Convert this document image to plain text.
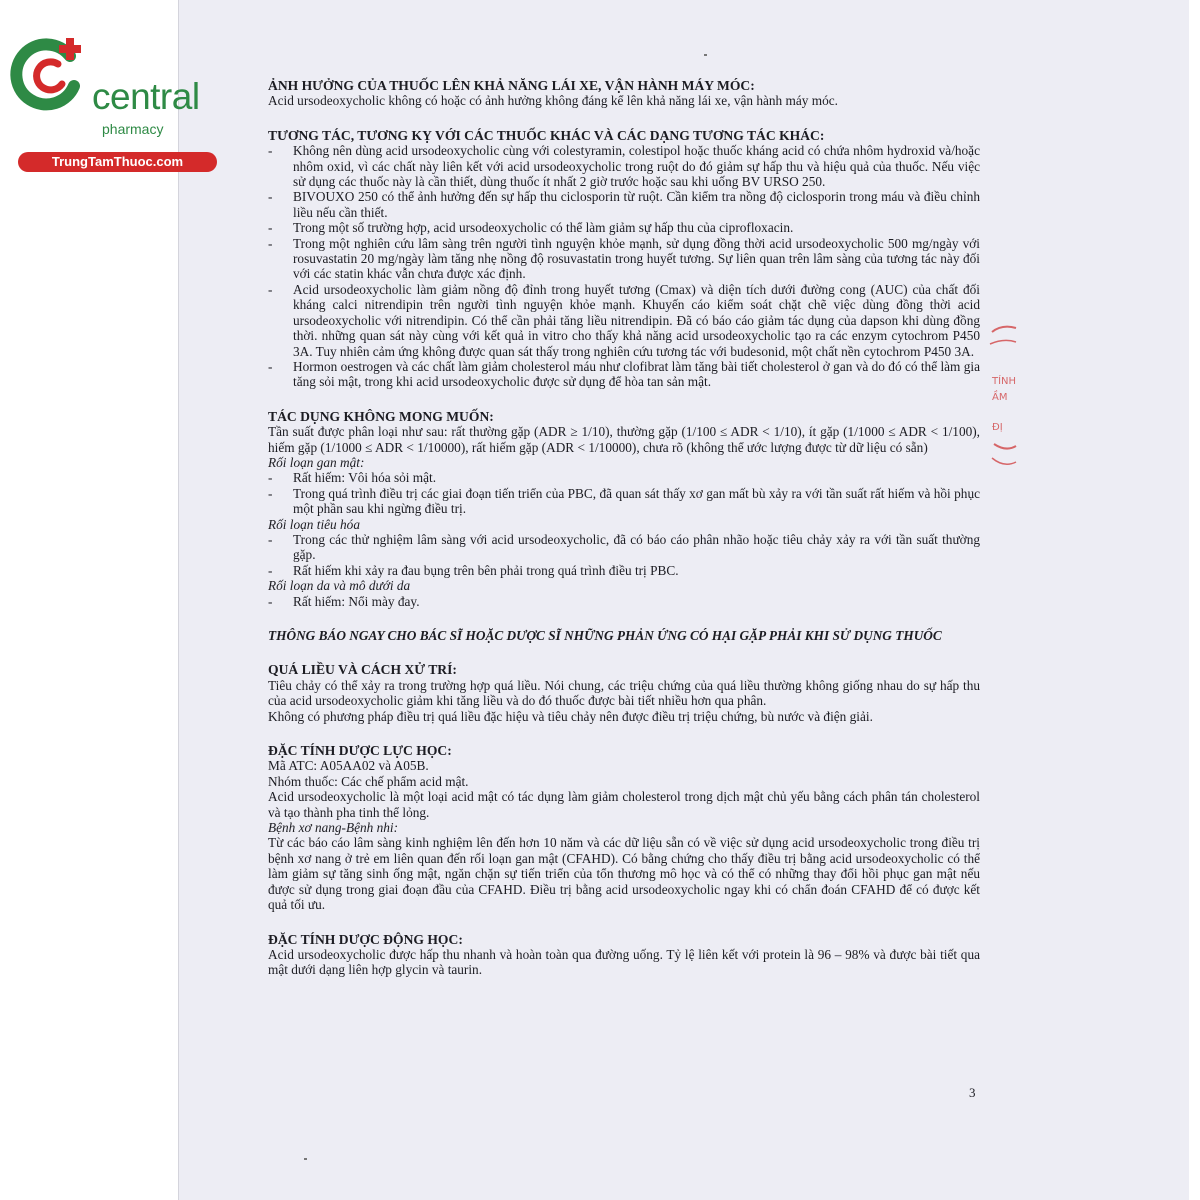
central
pharmacy
TrungTamThuoc.com
TÍNH
ẦM
ĐỊ
ẢNH HƯỞNG CỦA THUỐC LÊN KHẢ NĂNG LÁI XE, VẬN HÀNH MÁY MÓC:
Acid ursodeoxycholic không có hoặc có ảnh hưởng không đáng kể lên khả năng lái xe, vận hành máy móc.
TƯƠNG TÁC, TƯƠNG KỴ VỚI CÁC THUỐC KHÁC VÀ CÁC DẠNG TƯƠNG TÁC KHÁC:
- Không nên dùng acid ursodeoxycholic cùng với colestyramin, colestipol hoặc thuốc kháng acid có chứa nhôm hydroxid và/hoặc nhôm oxid, vì các chất này liên kết với acid ursodeoxycholic trong ruột do đó giảm sự hấp thu và hiệu quả của thuốc. Nếu việc sử dụng các thuốc này là cần thiết, dùng thuốc ít nhất 2 giờ trước hoặc sau khi uống BV URSO 250.
- BIVOUXO 250 có thể ảnh hưởng đến sự hấp thu ciclosporin từ ruột. Cần kiểm tra nồng độ ciclosporin trong máu và điều chỉnh liều nếu cần thiết.
- Trong một số trường hợp, acid ursodeoxycholic có thể làm giảm sự hấp thu của ciprofloxacin.
- Trong một nghiên cứu lâm sàng trên người tình nguyện khỏe mạnh, sử dụng đồng thời acid ursodeoxycholic 500 mg/ngày với rosuvastatin 20 mg/ngày làm tăng nhẹ nồng độ rosuvastatin trong huyết tương. Sự liên quan trên lâm sàng của tương tác này đối với các statin khác vẫn chưa được xác định.
- Acid ursodeoxycholic làm giảm nồng độ đỉnh trong huyết tương (Cmax) và diện tích dưới đường cong (AUC) của chất đối kháng calci nitrendipin trên người tình nguyện khỏe mạnh. Khuyến cáo kiểm soát chặt chẽ việc dùng đồng thời acid ursodeoxycholic với nitrendipin. Có thể cần phải tăng liều nitrendipin. Đã có báo cáo giảm tác dụng của dapson khi dùng đồng thời. những quan sát này cùng với kết quả in vitro cho thấy khả năng acid ursodeoxycholic tạo ra các enzym cytochrom P450 3A. Tuy nhiên cảm ứng không được quan sát thấy trong nghiên cứu tương tác với budesonid, một chất nền cytochrom P450 3A.
- Hormon oestrogen và các chất làm giảm cholesterol máu như clofibrat làm tăng bài tiết cholesterol ở gan và do đó có thể làm gia tăng sỏi mật, trong khi acid ursodeoxycholic được sử dụng để hòa tan sản mật.
TÁC DỤNG KHÔNG MONG MUỐN:
Tần suất được phân loại như sau: rất thường gặp (ADR ≥ 1/10), thường gặp (1/100 ≤ ADR < 1/10), ít gặp (1/1000 ≤ ADR < 1/100), hiếm gặp (1/1000 ≤ ADR < 1/10000), rất hiếm gặp (ADR < 1/10000), chưa rõ (không thể ước lượng được từ dữ liệu có sẵn)
Rối loạn gan mật:
- Rất hiếm: Vôi hóa sỏi mật.
- Trong quá trình điều trị các giai đoạn tiến triển của PBC, đã quan sát thấy xơ gan mất bù xảy ra với tần suất rất hiếm và hồi phục một phần sau khi ngừng điều trị.
Rối loạn tiêu hóa
- Trong các thử nghiệm lâm sàng với acid ursodeoxycholic, đã có báo cáo phân nhão hoặc tiêu chảy xảy ra với tần suất thường gặp.
- Rất hiếm khi xảy ra đau bụng trên bên phải trong quá trình điều trị PBC.
Rối loạn da và mô dưới da
- Rất hiếm: Nổi mày đay.
THÔNG BÁO NGAY CHO BÁC SĨ HOẶC DƯỢC SĨ NHỮNG PHẢN ỨNG CÓ HẠI GẶP PHẢI KHI SỬ DỤNG THUỐC
QUÁ LIỀU VÀ CÁCH XỬ TRÍ:
Tiêu chảy có thể xảy ra trong trường hợp quá liều. Nói chung, các triệu chứng của quá liều thường không giống nhau do sự hấp thu của acid ursodeoxycholic giảm khi tăng liều và do đó thuốc được bài tiết nhiều hơn qua phân.
Không có phương pháp điều trị quá liều đặc hiệu và tiêu chảy nên được điều trị triệu chứng, bù nước và điện giải.
ĐẶC TÍNH DƯỢC LỰC HỌC:
Mã ATC: A05AA02 và A05B.
Nhóm thuốc: Các chế phẩm acid mật.
Acid ursodeoxycholic là một loại acid mật có tác dụng làm giảm cholesterol trong dịch mật chủ yếu bằng cách phân tán cholesterol và tạo thành pha tinh thể lỏng.
Bệnh xơ nang-Bệnh nhi:
Từ các báo cáo lâm sàng kinh nghiệm lên đến hơn 10 năm và các dữ liệu sẵn có về việc sử dụng acid ursodeoxycholic trong điều trị bệnh xơ nang ở trẻ em liên quan đến rối loạn gan mật (CFAHD). Có bằng chứng cho thấy điều trị bằng acid ursodeoxycholic có thể làm giảm sự tăng sinh ống mật, ngăn chặn sự tiến triển của tổn thương mô học và có thể có những thay đổi hồi phục gan mật nếu được sử dụng trong giai đoạn đầu của CFAHD. Điều trị bằng acid ursodeoxycholic ngay khi có chẩn đoán CFAHD để có được kết quả tối ưu.
ĐẶC TÍNH DƯỢC ĐỘNG HỌC:
Acid ursodeoxycholic được hấp thu nhanh và hoàn toàn qua đường uống. Tỷ lệ liên kết với protein là 96 – 98% và được bài tiết qua mật dưới dạng liên hợp glycin và taurin.
3
